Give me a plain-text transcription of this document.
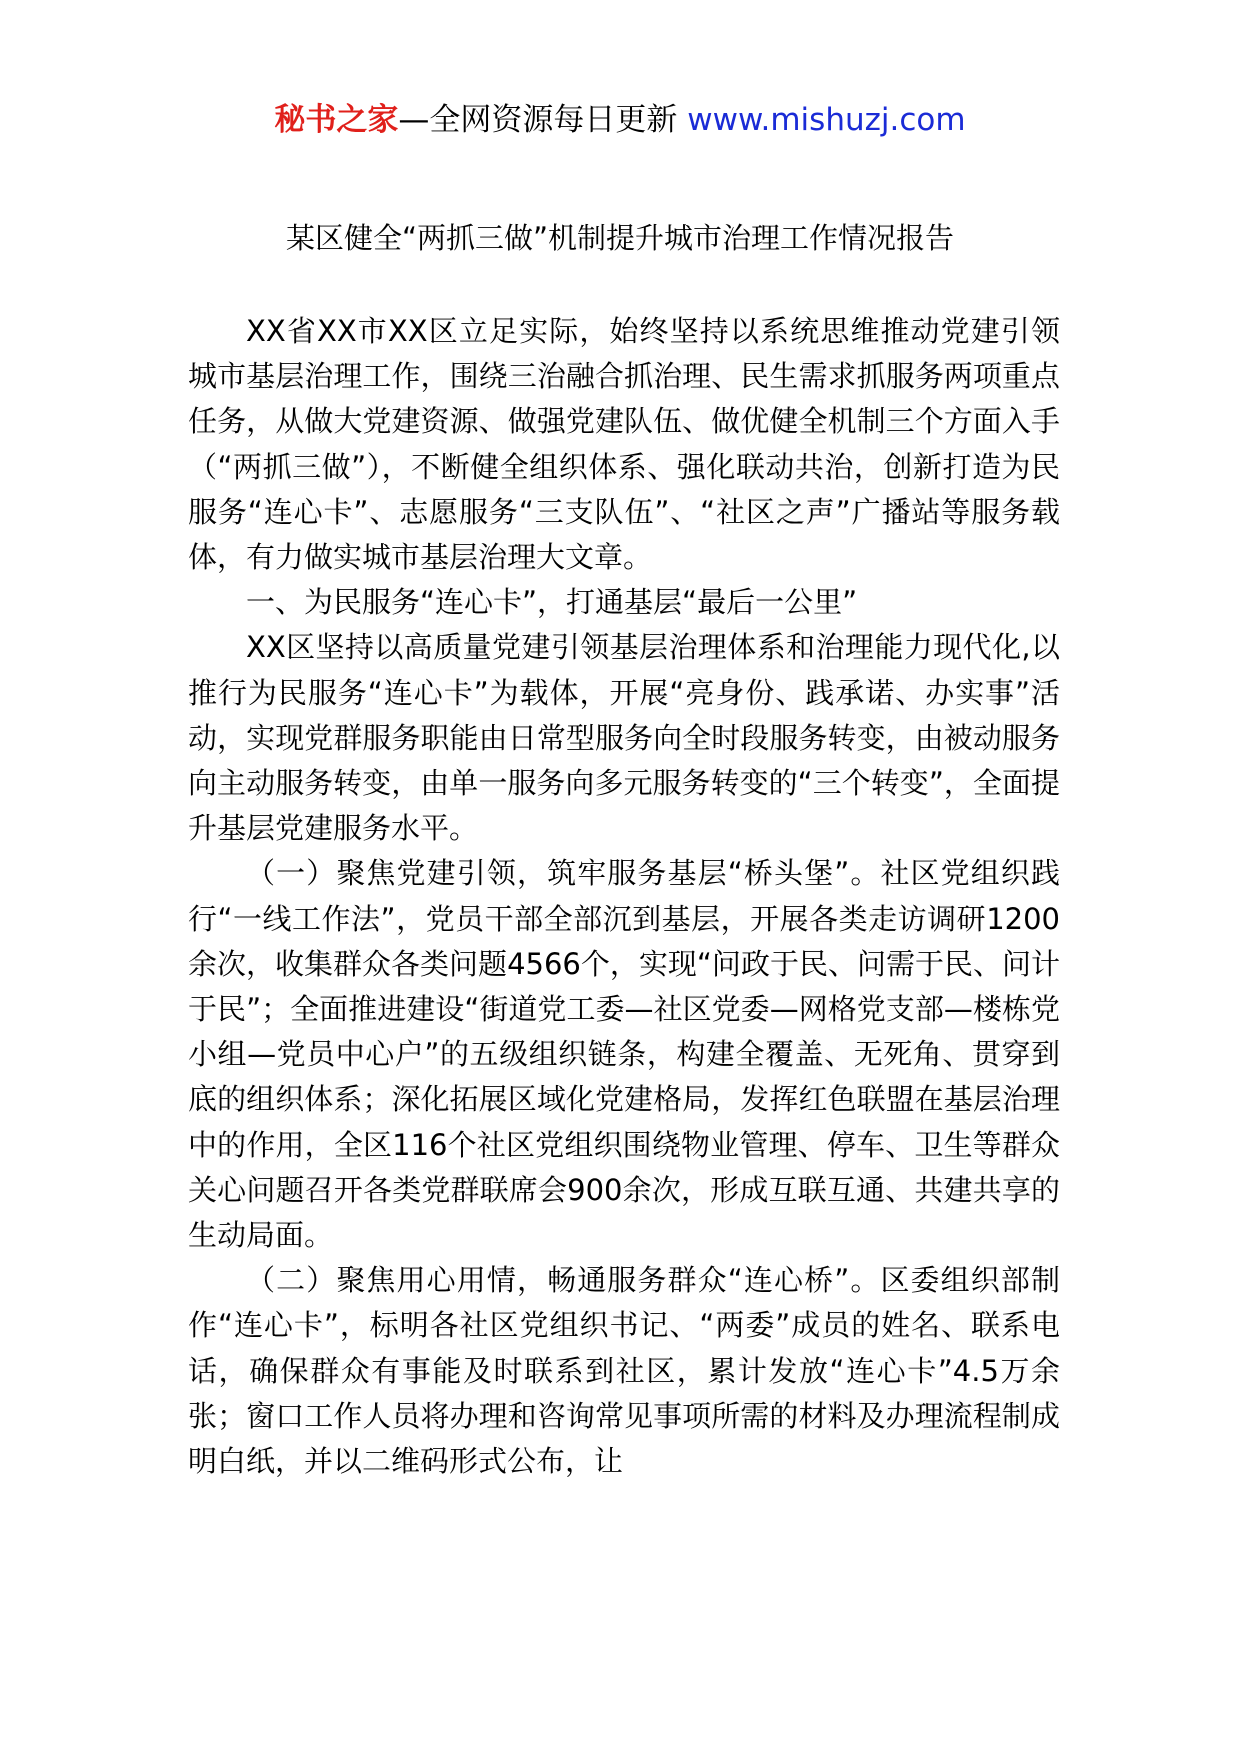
秘书之家—全网资源每日更新 www.mishuzj.com
某区健全“两抓三做”机制提升城市治理工作情况报告

XX省XX市XX区立足实际，始终坚持以系统思维推动党建引领城市基层治理工作，围绕三治融合抓治理、民生需求抓服务两项重点任务，从做大党建资源、做强党建队伍、做优健全机制三个方面入手（“两抓三做”），不断健全组织体系、强化联动共治，创新打造为民服务“连心卡”、志愿服务“三支队伍”、“社区之声”广播站等服务载体，有力做实城市基层治理大文章。

一、为民服务“连心卡”，打通基层“最后一公里”

XX区坚持以高质量党建引领基层治理体系和治理能力现代化,以推行为民服务“连心卡”为载体，开展“亮身份、践承诺、办实事”活动，实现党群服务职能由日常型服务向全时段服务转变，由被动服务向主动服务转变，由单一服务向多元服务转变的“三个转变”，全面提升基层党建服务水平。

（一）聚焦党建引领，筑牢服务基层“桥头堡”。社区党组织践行“一线工作法”，党员干部全部沉到基层，开展各类走访调研1200余次，收集群众各类问题4566个，实现“问政于民、问需于民、问计于民”；全面推进建设“街道党工委—社区党委—网格党支部—楼栋党小组—党员中心户”的五级组织链条，构建全覆盖、无死角、贯穿到底的组织体系；深化拓展区域化党建格局，发挥红色联盟在基层治理中的作用，全区116个社区党组织围绕物业管理、停车、卫生等群众关心问题召开各类党群联席会900余次，形成互联互通、共建共享的生动局面。

（二）聚焦用心用情，畅通服务群众“连心桥”。区委组织部制作“连心卡”，标明各社区党组织书记、“两委”成员的姓名、联系电话，确保群众有事能及时联系到社区，累计发放“连心卡”4.5万余张；窗口工作人员将办理和咨询常见事项所需的材料及办理流程制成明白纸，并以二维码形式公布，让
